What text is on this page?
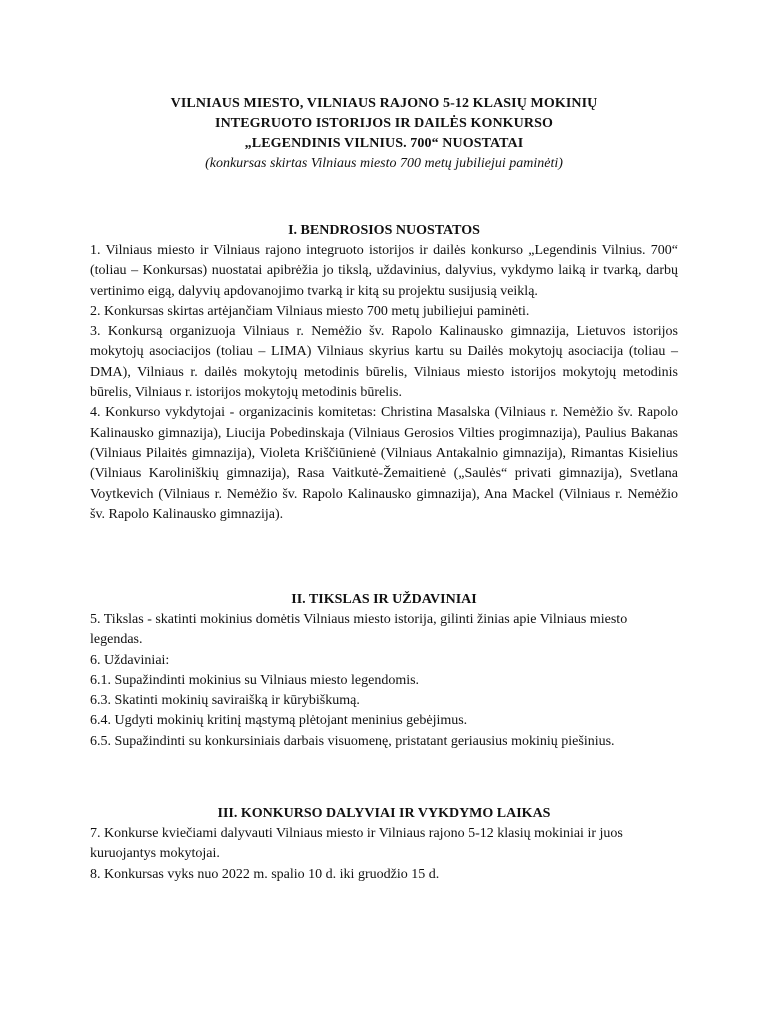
VILNIAUS MIESTO, VILNIAUS RAJONO 5-12 KLASIŲ MOKINIŲ
INTEGRUOTO ISTORIJOS IR DAILĖS KONKURSO
„LEGENDINIS VILNIUS. 700“ NUOSTATAI
(konkursas skirtas Vilniaus miesto 700 metų jubiliejui paminėti)
I. BENDROSIOS NUOSTATOS

1. Vilniaus miesto ir Vilniaus rajono integruoto istorijos ir dailės konkurso „Legendinis Vilnius. 700“ (toliau – Konkursas) nuostatai apibrėžia jo tikslą, uždavinius, dalyvius, vykdymo laiką ir tvarką, darbų vertinimo eigą, dalyvių apdovanojimo tvarką ir kitą su projektu susijusią veiklą.

2. Konkursas skirtas artėjančiam Vilniaus miesto 700 metų jubiliejui paminėti.

3. Konkursą organizuoja Vilniaus r. Nemėžio šv. Rapolo Kalinausko gimnazija, Lietuvos istorijos mokytojų asociacijos (toliau – LIMA) Vilniaus skyrius kartu su Dailės mokytojų asociacija (toliau – DMA), Vilniaus r. dailės mokytojų metodinis būrelis, Vilniaus miesto istorijos mokytojų metodinis būrelis, Vilniaus r. istorijos mokytojų metodinis būrelis.

4. Konkurso vykdytojai - organizacinis komitetas: Christina Masalska (Vilniaus r. Nemėžio šv. Rapolo Kalinausko gimnazija), Liucija Pobedinskaja (Vilniaus Gerosios Vilties progimnazija), Paulius Bakanas (Vilniaus Pilaitės gimnazija), Violeta Kriščiūnienė (Vilniaus Antakalnio gimnazija), Rimantas Kisielius (Vilniaus Karoliniškių gimnazija), Rasa Vaitkutė-Žemaitienė („Saulės“ privati gimnazija), Svetlana Voytkevich (Vilniaus r. Nemėžio šv. Rapolo Kalinausko gimnazija), Ana Mackel (Vilniaus r. Nemėžio šv. Rapolo Kalinausko gimnazija).

II. TIKSLAS IR UŽDAVINIAI

5. Tikslas - skatinti mokinius domėtis Vilniaus miesto istorija, gilinti žinias apie Vilniaus miesto legendas.

6. Uždaviniai:

6.1. Supažindinti mokinius su Vilniaus miesto legendomis.

6.3. Skatinti mokinių saviraišką ir kūrybiškumą.

6.4. Ugdyti mokinių kritinį mąstymą plėtojant meninius gebėjimus.

6.5. Supažindinti su konkursiniais darbais visuomenę, pristatant geriausius mokinių piešinius.

III. KONKURSO DALYVIAI IR VYKDYMO LAIKAS

7. Konkurse kviečiami dalyvauti Vilniaus miesto ir Vilniaus rajono 5-12 klasių mokiniai ir juos kuruojantys mokytojai.

8. Konkursas vyks nuo 2022 m. spalio 10 d. iki gruodžio 15 d.
